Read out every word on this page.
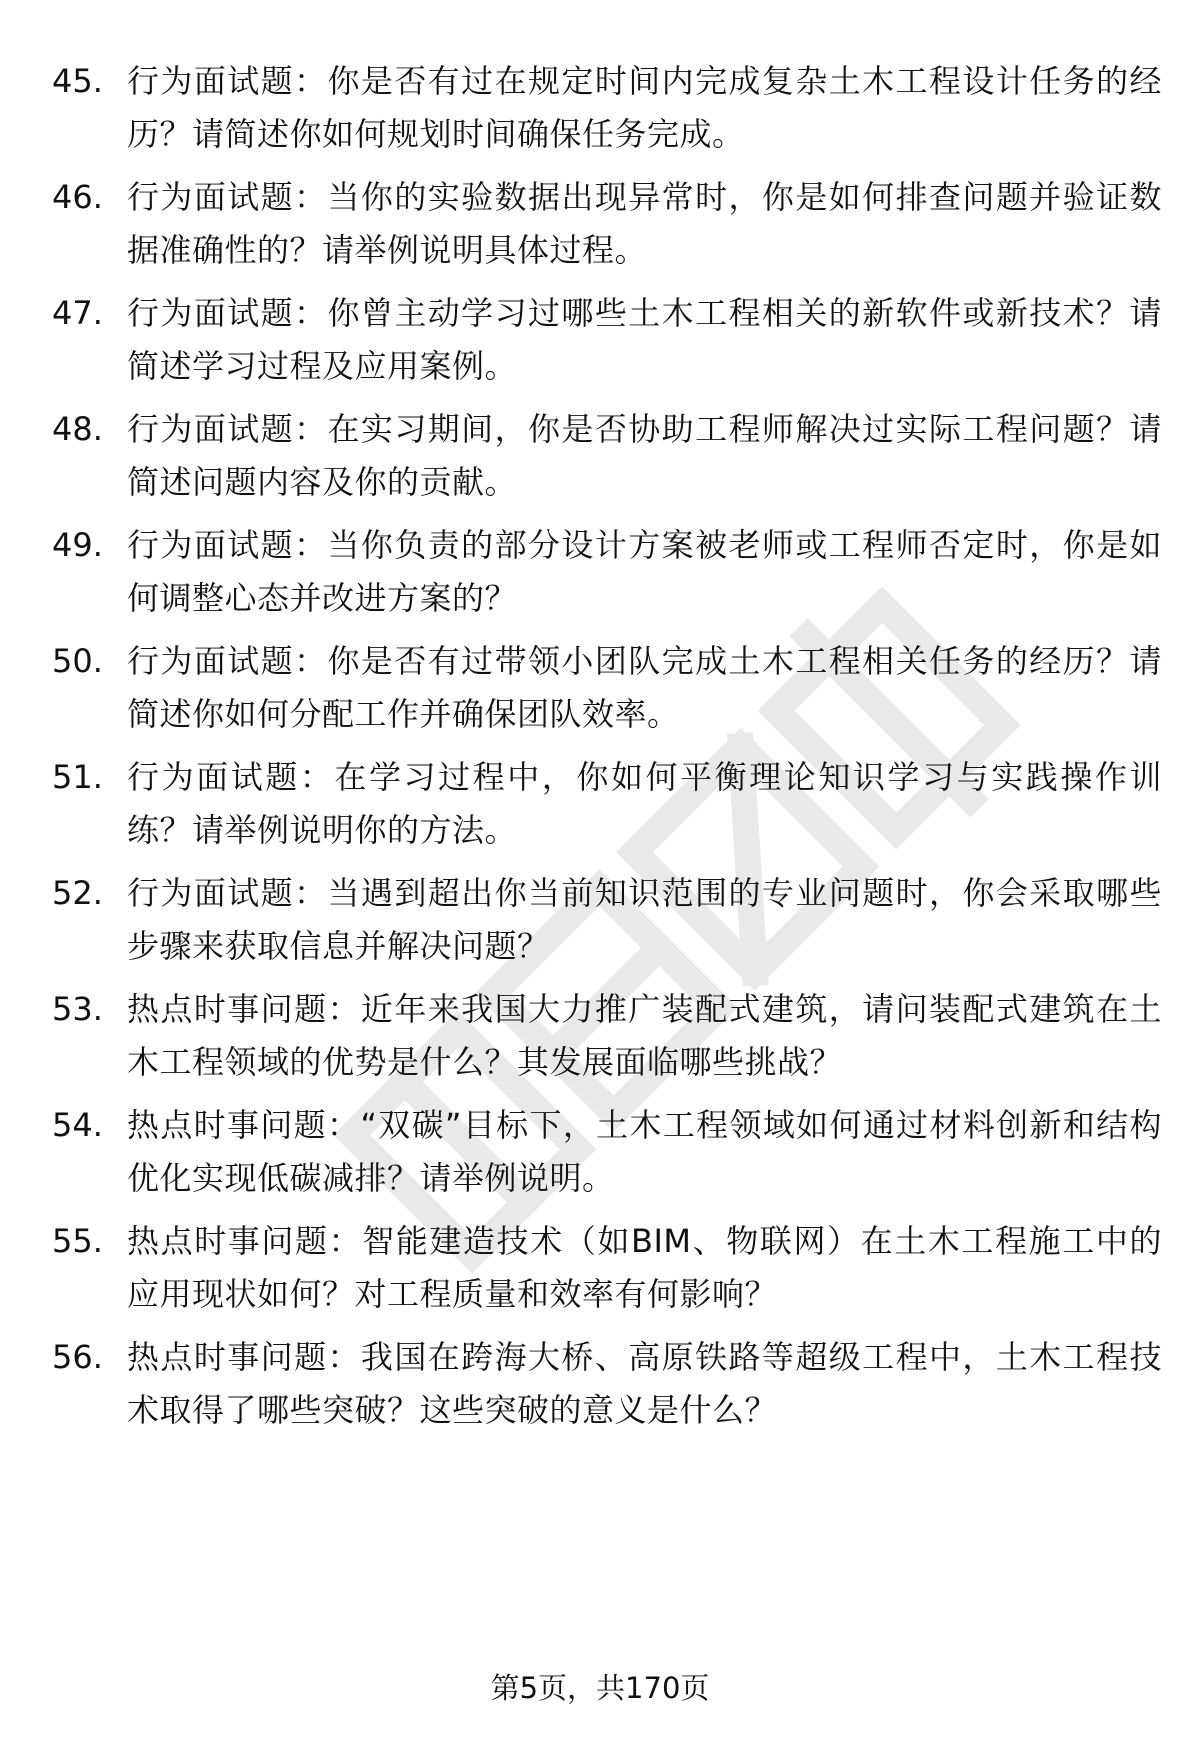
45. 行为面试题：你是否有过在规定时间内完成复杂土木工程设计任务的经历？请简述你如何规划时间确保任务完成。
46. 行为面试题：当你的实验数据出现异常时，你是如何排查问题并验证数据准确性的？请举例说明具体过程。
47. 行为面试题：你曾主动学习过哪些土木工程相关的新软件或新技术？请简述学习过程及应用案例。
48. 行为面试题：在实习期间，你是否协助工程师解决过实际工程问题？请简述问题内容及你的贡献。
49. 行为面试题：当你负责的部分设计方案被老师或工程师否定时，你是如何调整心态并改进方案的？
50. 行为面试题：你是否有过带领小团队完成土木工程相关任务的经历？请简述你如何分配工作并确保团队效率。
51. 行为面试题：在学习过程中，你如何平衡理论知识学习与实践操作训练？请举例说明你的方法。
52. 行为面试题：当遇到超出你当前知识范围的专业问题时，你会采取哪些步骤来获取信息并解决问题？
53. 热点时事问题：近年来我国大力推广装配式建筑，请问装配式建筑在土木工程领域的优势是什么？其发展面临哪些挑战？
54. 热点时事问题：“双碳”目标下，土木工程领域如何通过材料创新和结构优化实现低碳减排？请举例说明。
55. 热点时事问题：智能建造技术（如BIM、物联网）在土木工程施工中的应用现状如何？对工程质量和效率有何影响？
56. 热点时事问题：我国在跨海大桥、高原铁路等超级工程中，土木工程技术取得了哪些突破？这些突破的意义是什么？
第5页，共170页
